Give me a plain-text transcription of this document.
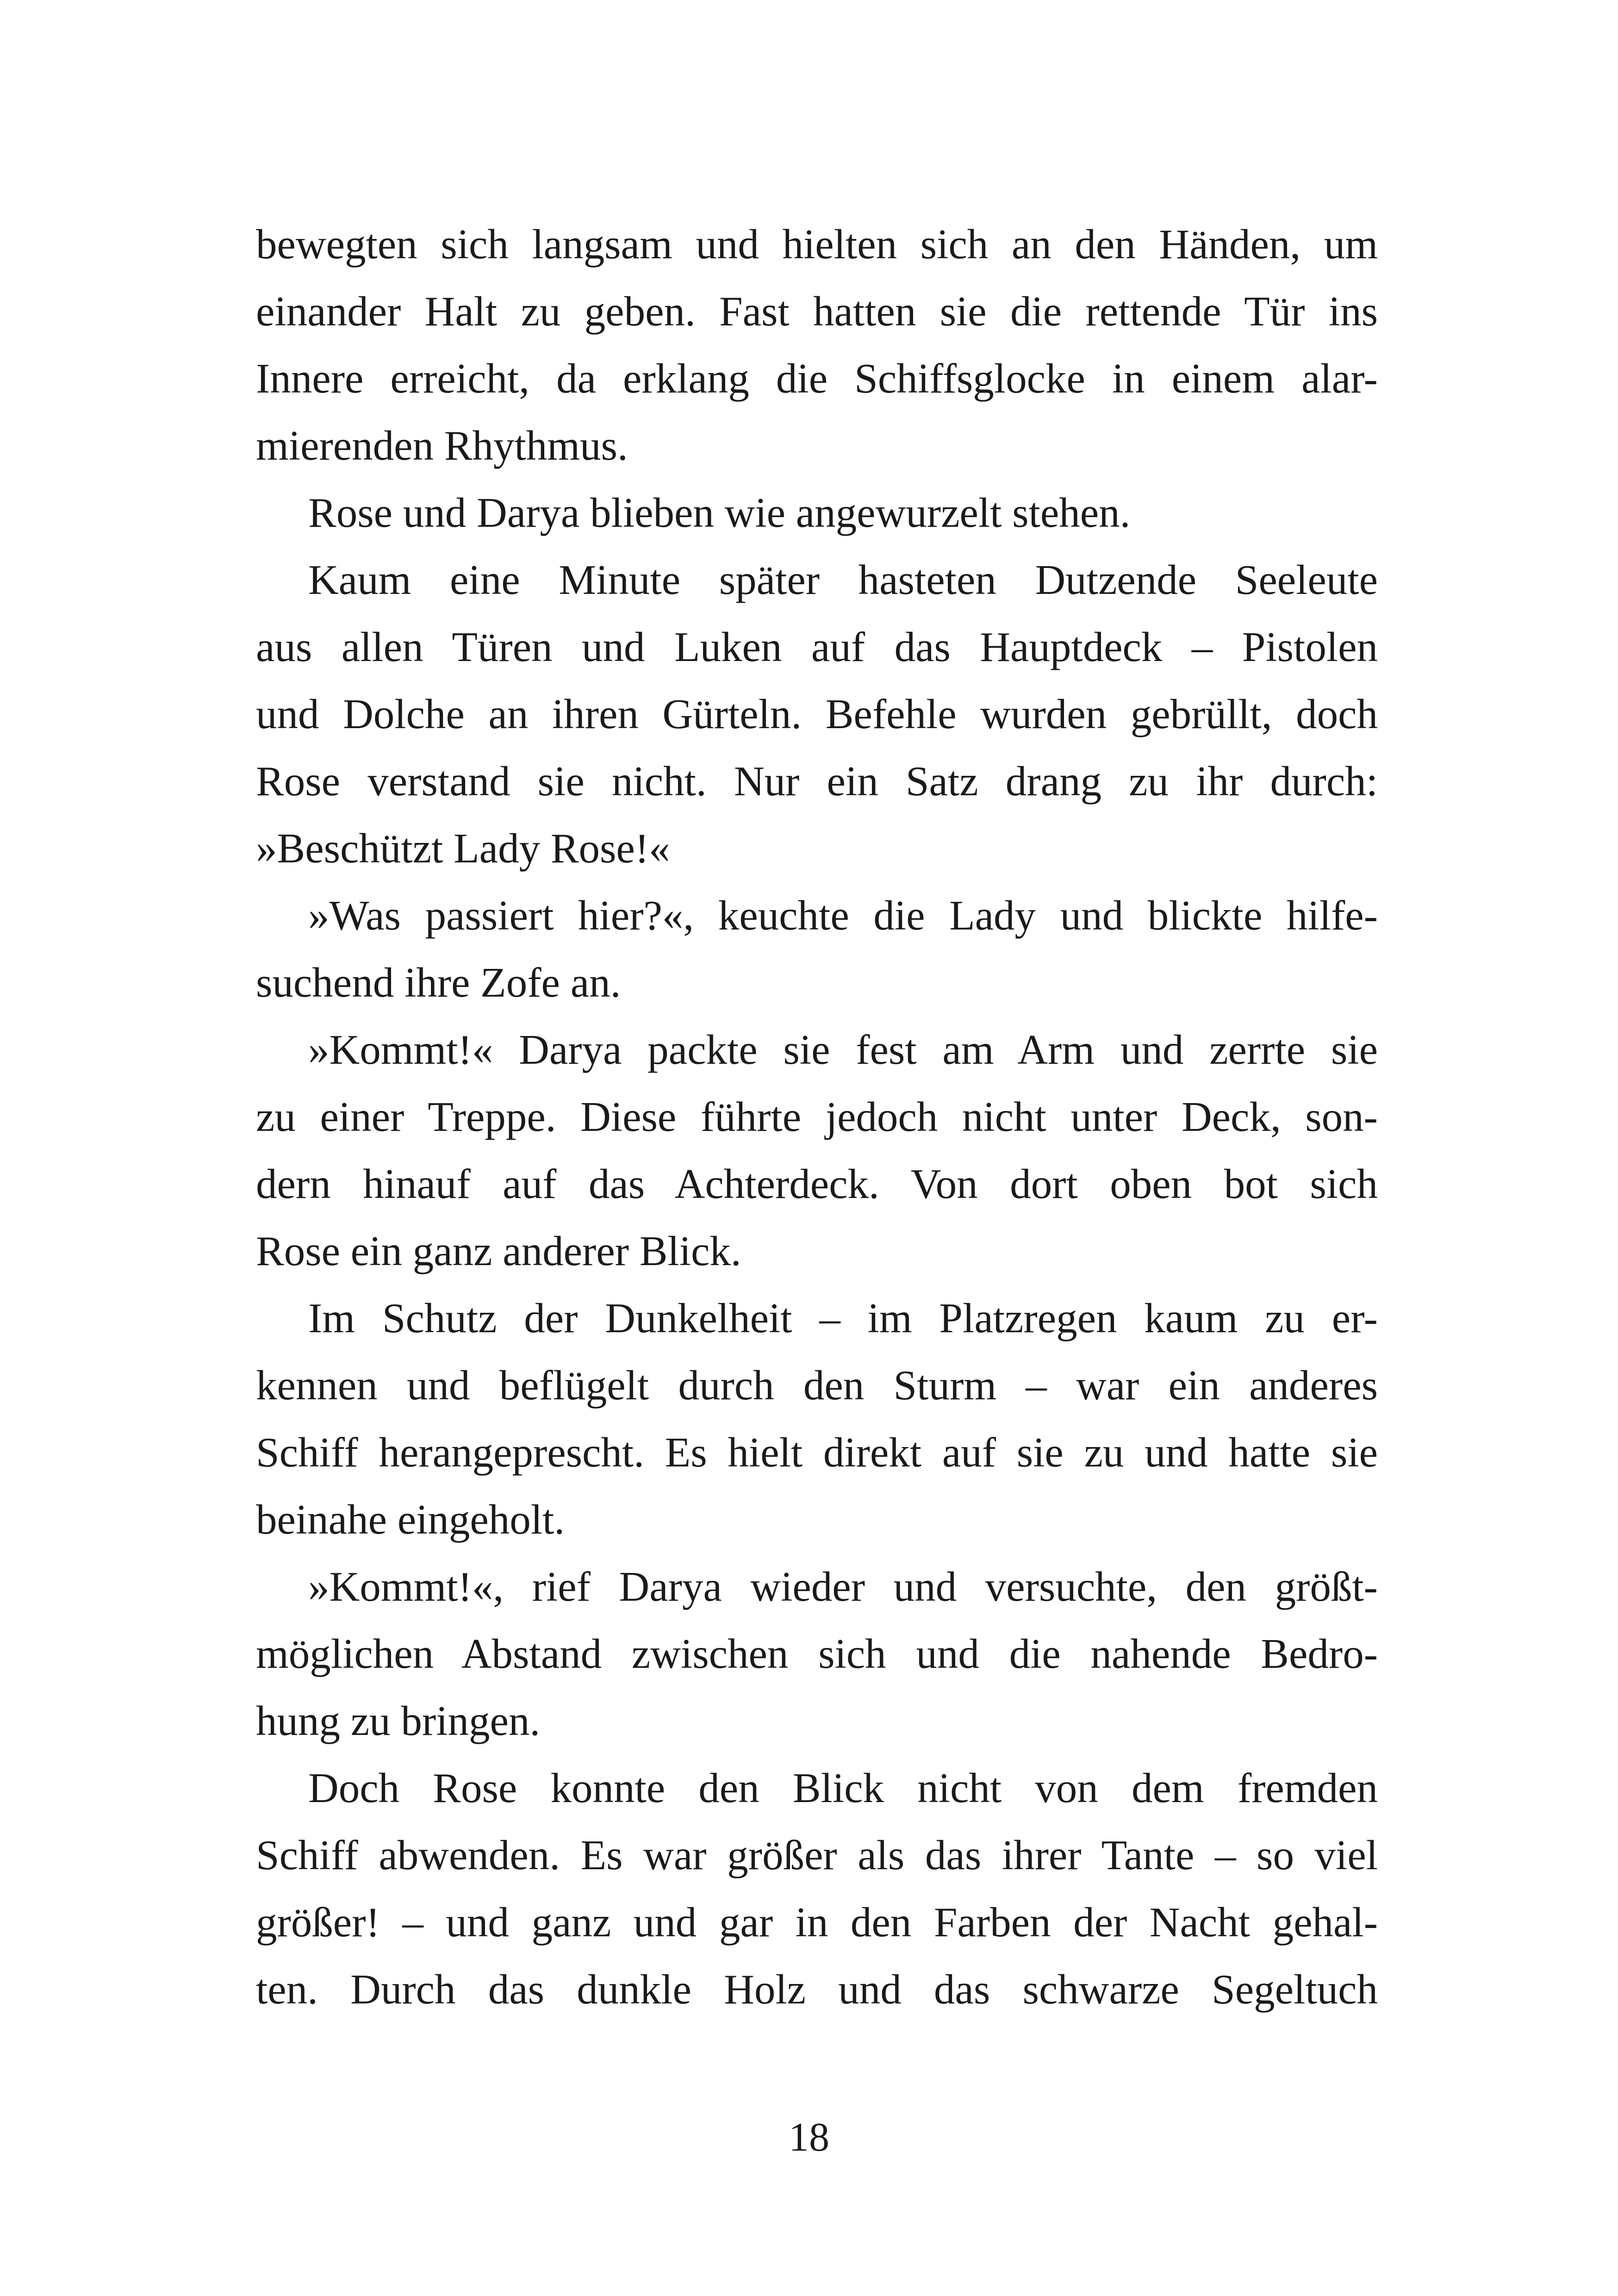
bewegten sich langsam und hielten sich an den Händen, um
einander Halt zu geben. Fast hatten sie die rettende Tür ins
Innere erreicht, da erklang die Schiffsglocke in einem alar-
mierenden Rhythmus.
Rose und Darya blieben wie angewurzelt stehen.
Kaum eine Minute später hasteten Dutzende Seeleute
aus allen Türen und Luken auf das Hauptdeck – Pistolen
und Dolche an ihren Gürteln. Befehle wurden gebrüllt, doch
Rose verstand sie nicht. Nur ein Satz drang zu ihr durch:
»Beschützt Lady Rose!«
»Was passiert hier?«, keuchte die Lady und blickte hilfe-
suchend ihre Zofe an.
»Kommt!« Darya packte sie fest am Arm und zerrte sie
zu einer Treppe. Diese führte jedoch nicht unter Deck, son-
dern hinauf auf das Achterdeck. Von dort oben bot sich
Rose ein ganz anderer Blick.
Im Schutz der Dunkelheit – im Platzregen kaum zu er-
kennen und beflügelt durch den Sturm – war ein anderes
Schiff herangeprescht. Es hielt direkt auf sie zu und hatte sie
beinahe eingeholt.
»Kommt!«, rief Darya wieder und versuchte, den größt-
möglichen Abstand zwischen sich und die nahende Bedro-
hung zu bringen.
Doch Rose konnte den Blick nicht von dem fremden
Schiff abwenden. Es war größer als das ihrer Tante – so viel
größer! – und ganz und gar in den Farben der Nacht gehal-
ten. Durch das dunkle Holz und das schwarze Segeltuch
18
